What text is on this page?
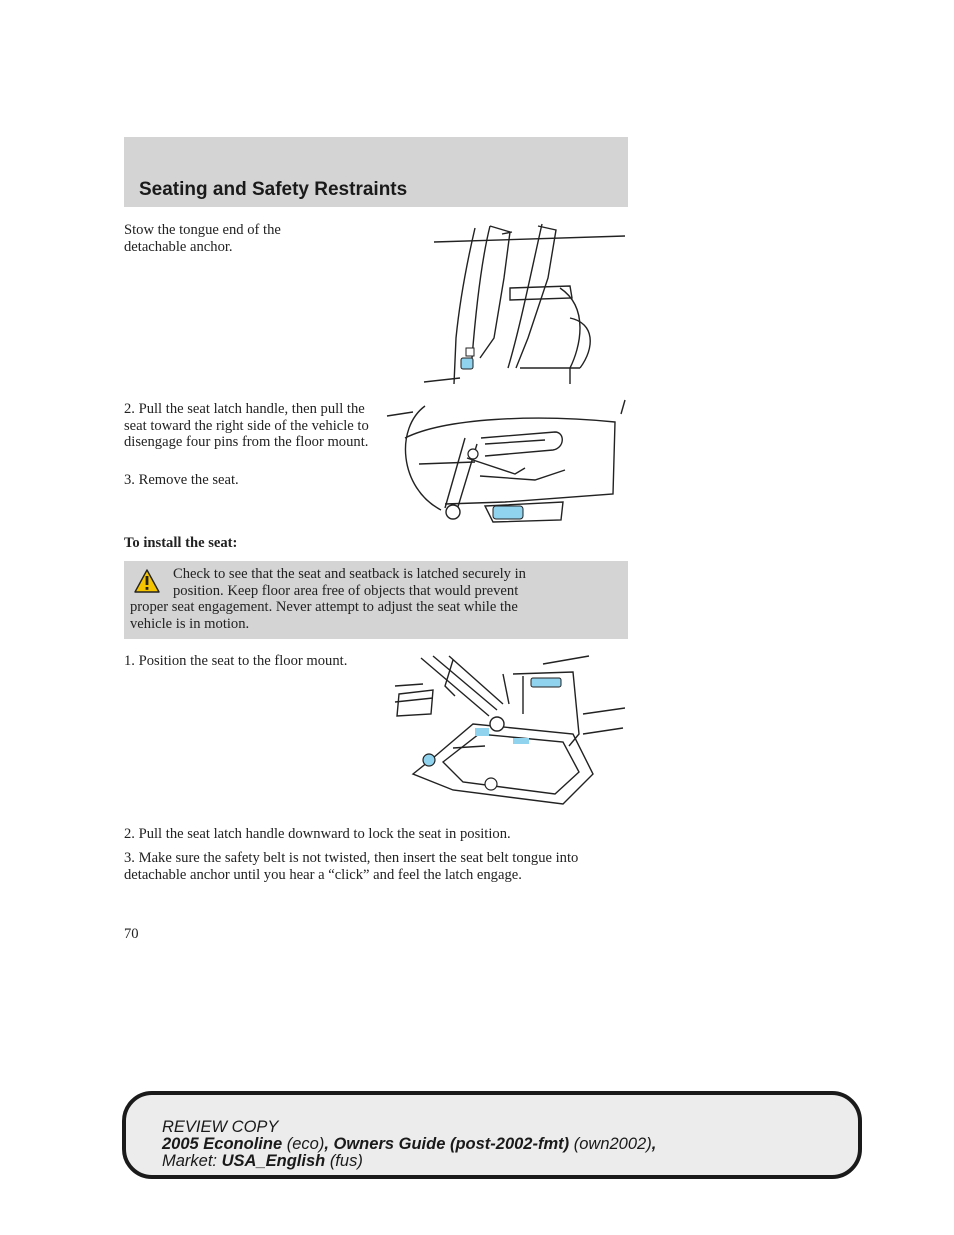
Seating and Safety Restraints

Stow the tongue end of the detachable anchor.

2. Pull the seat latch handle, then pull the seat toward the right side of the vehicle to disengage four pins from the floor mount.

3. Remove the seat.

To install the seat:

Check to see that the seat and seatback is latched securely in
position. Keep floor area free of objects that would prevent
proper seat engagement. Never attempt to adjust the seat while the
vehicle is in motion.

1. Position the seat to the floor mount.

2. Pull the seat latch handle downward to lock the seat in position.

3. Make sure the safety belt is not twisted, then insert the seat belt tongue into detachable anchor until you hear a “click” and feel the latch engage.

70
REVIEW COPY
2005 Econoline (eco), Owners Guide (post-2002-fmt) (own2002),
Market: USA_English (fus)
